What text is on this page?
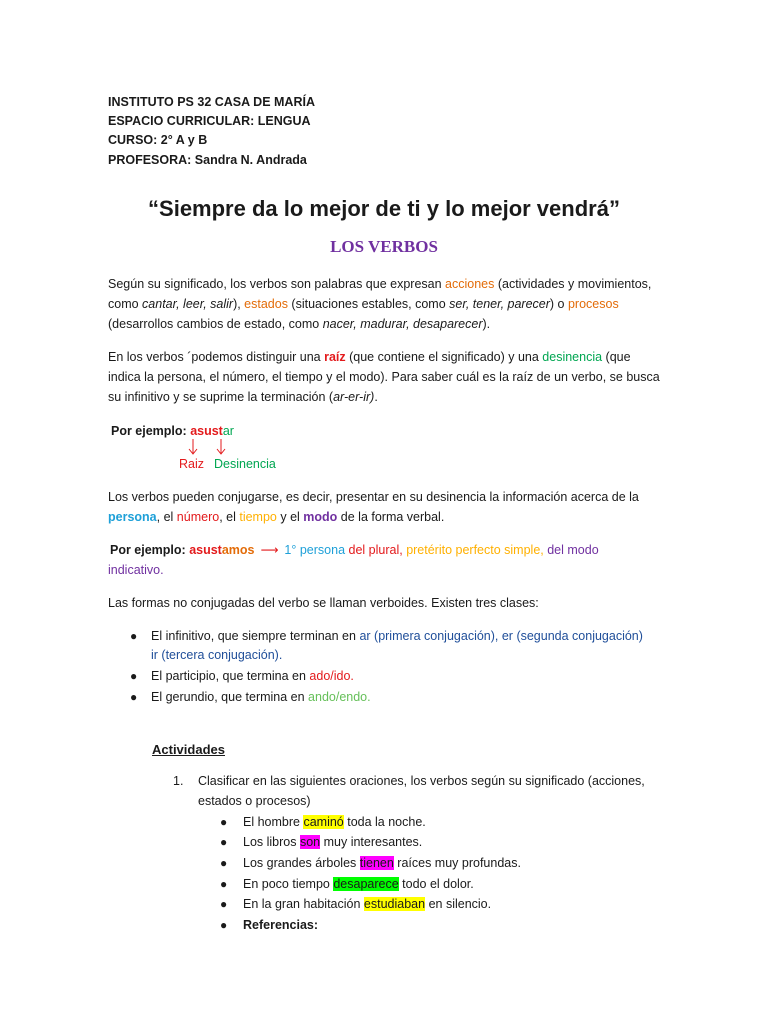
INSTITUTO PS 32 CASA DE MARÍA
ESPACIO CURRICULAR: LENGUA
CURSO: 2° A y B
PROFESORA: Sandra N. Andrada
“Siempre da lo mejor de ti y lo mejor vendrá”
LOS VERBOS
Según su significado, los verbos son palabras que expresan acciones (actividades y movimientos,
como cantar, leer, salir), estados (situaciones estables, como ser, tener, parecer) o procesos
(desarrollos cambios de estado, como nacer, madurar, desaparecer).
En los verbos ´podemos distinguir una raíz (que contiene el significado) y una desinencia (que
indica la persona, el número, el tiempo y el modo). Para saber cuál es la raíz de un verbo, se busca
su infinitivo y se suprime la terminación (ar-er-ir).
Por ejemplo: asustar
Raiz Desinencia
Los verbos pueden conjugarse, es decir, presentar en su desinencia la información acerca de la
persona, el número, el tiempo y el modo de la forma verbal.
Por ejemplo: asustamos ⟶ 1° persona del plural, pretérito perfecto simple, del modo
indicativo.
Las formas no conjugadas del verbo se llaman verboides. Existen tres clases:
● El infinitivo, que siempre terminan en ar (primera conjugación), er (segunda conjugación)
ir (tercera conjugación).
● El participio, que termina en ado/ido.
● El gerundio, que termina en ando/endo.
Actividades
1. Clasificar en las siguientes oraciones, los verbos según su significado (acciones,
estados o procesos)
● El hombre caminó toda la noche.
● Los libros son muy interesantes.
● Los grandes árboles tienen raíces muy profundas.
● En poco tiempo desaparece todo el dolor.
● En la gran habitación estudiaban en silencio.
● Referencias:
